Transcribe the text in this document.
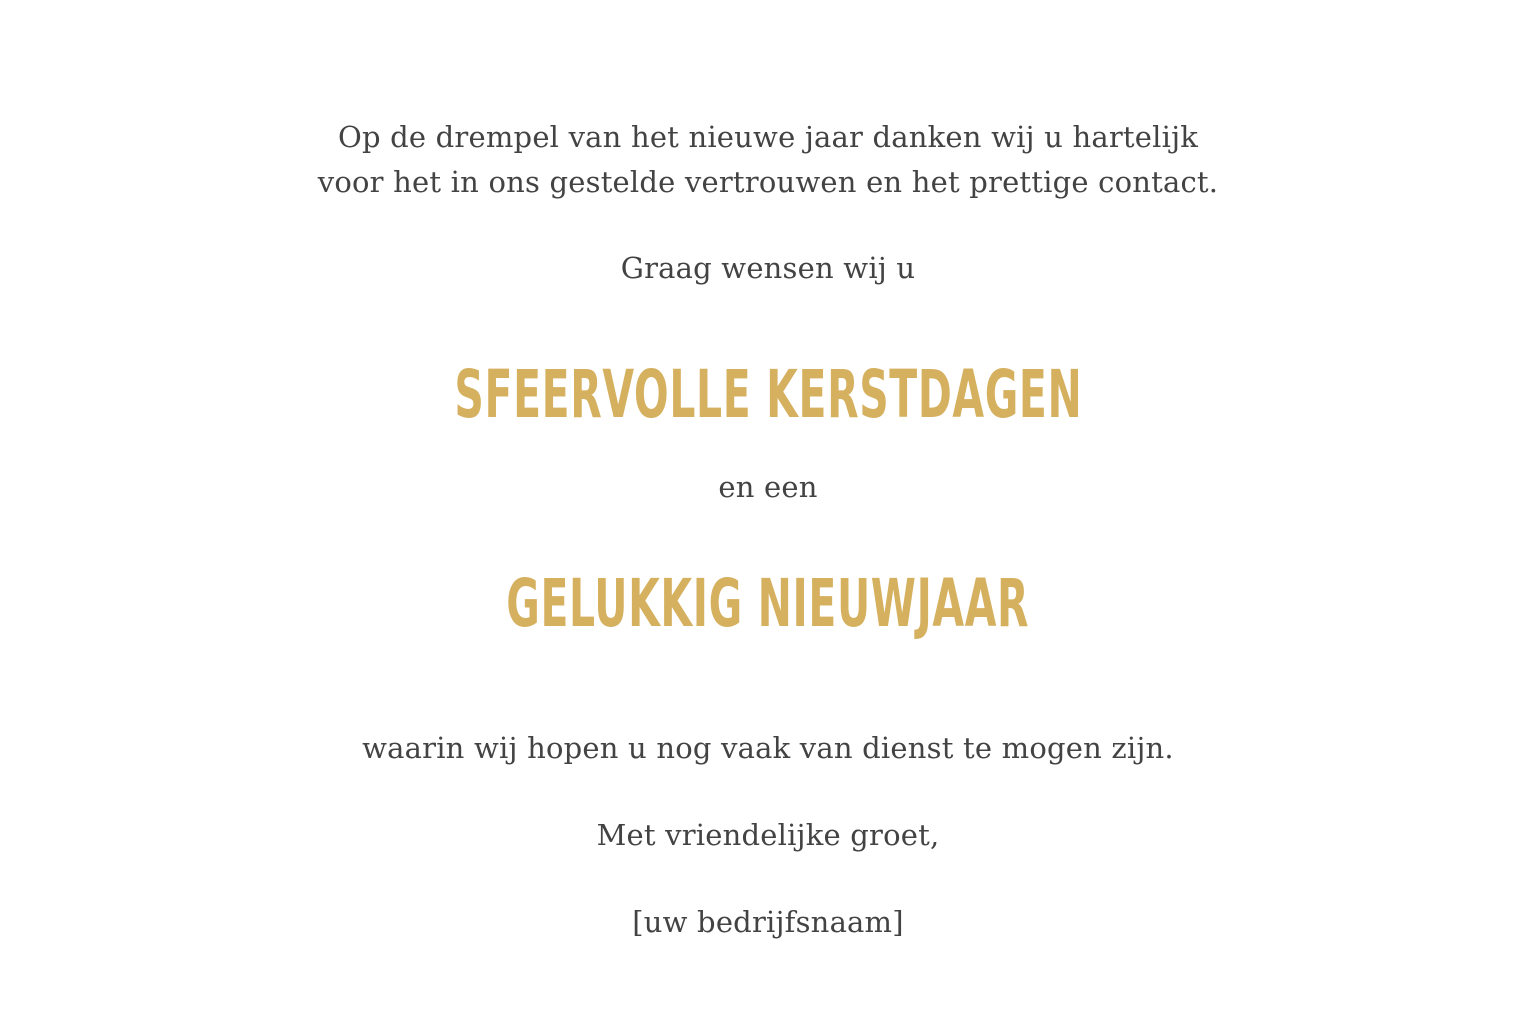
Op de drempel van het nieuwe jaar danken wij u hartelijk
voor het in ons gestelde vertrouwen en het prettige contact.
Graag wensen wij u
SFEERVOLLE KERSTDAGEN
en een
GELUKKIG NIEUWJAAR
waarin wij hopen u nog vaak van dienst te mogen zijn.
Met vriendelijke groet,
[uw bedrijfsnaam]
